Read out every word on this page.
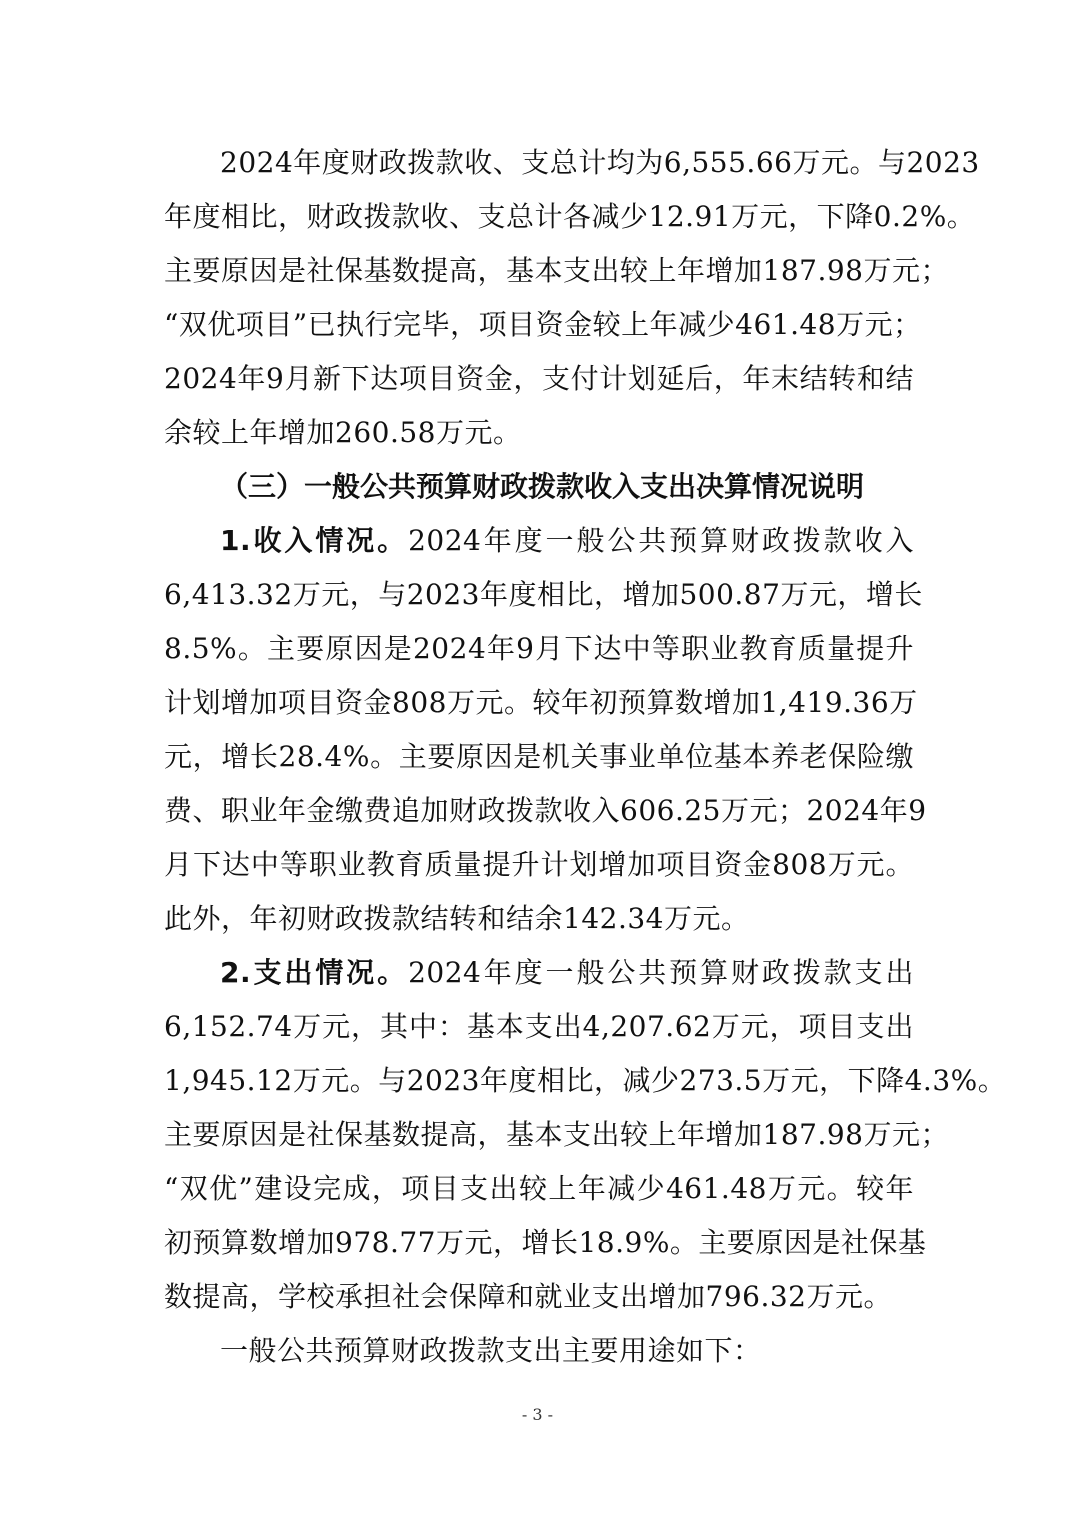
2024年度财政拨款收、支总计均为6,555.66万元。与2023
年度相比，财政拨款收、支总计各减少12.91万元，下降0.2%。
主要原因是社保基数提高，基本支出较上年增加187.98万元；
“双优项目”已执行完毕，项目资金较上年减少461.48万元；
2024年9月新下达项目资金，支付计划延后，年末结转和结
余较上年增加260.58万元。
（三）一般公共预算财政拨款收入支出决算情况说明
1.收入情况。2024年度一般公共预算财政拨款收入
6,413.32万元，与2023年度相比，增加500.87万元，增长
8.5%。主要原因是2024年9月下达中等职业教育质量提升
计划增加项目资金808万元。较年初预算数增加1,419.36万
元，增长28.4%。主要原因是机关事业单位基本养老保险缴
费、职业年金缴费追加财政拨款收入606.25万元；2024年9
月下达中等职业教育质量提升计划增加项目资金808万元。
此外，年初财政拨款结转和结余142.34万元。
2.支出情况。2024年度一般公共预算财政拨款支出
6,152.74万元，其中：基本支出4,207.62万元，项目支出
1,945.12万元。与2023年度相比，减少273.5万元，下降4.3%。
主要原因是社保基数提高，基本支出较上年增加187.98万元；
“双优”建设完成，项目支出较上年减少461.48万元。较年
初预算数增加978.77万元，增长18.9%。主要原因是社保基
数提高，学校承担社会保障和就业支出增加796.32万元。
一般公共预算财政拨款支出主要用途如下：
- 3 -
